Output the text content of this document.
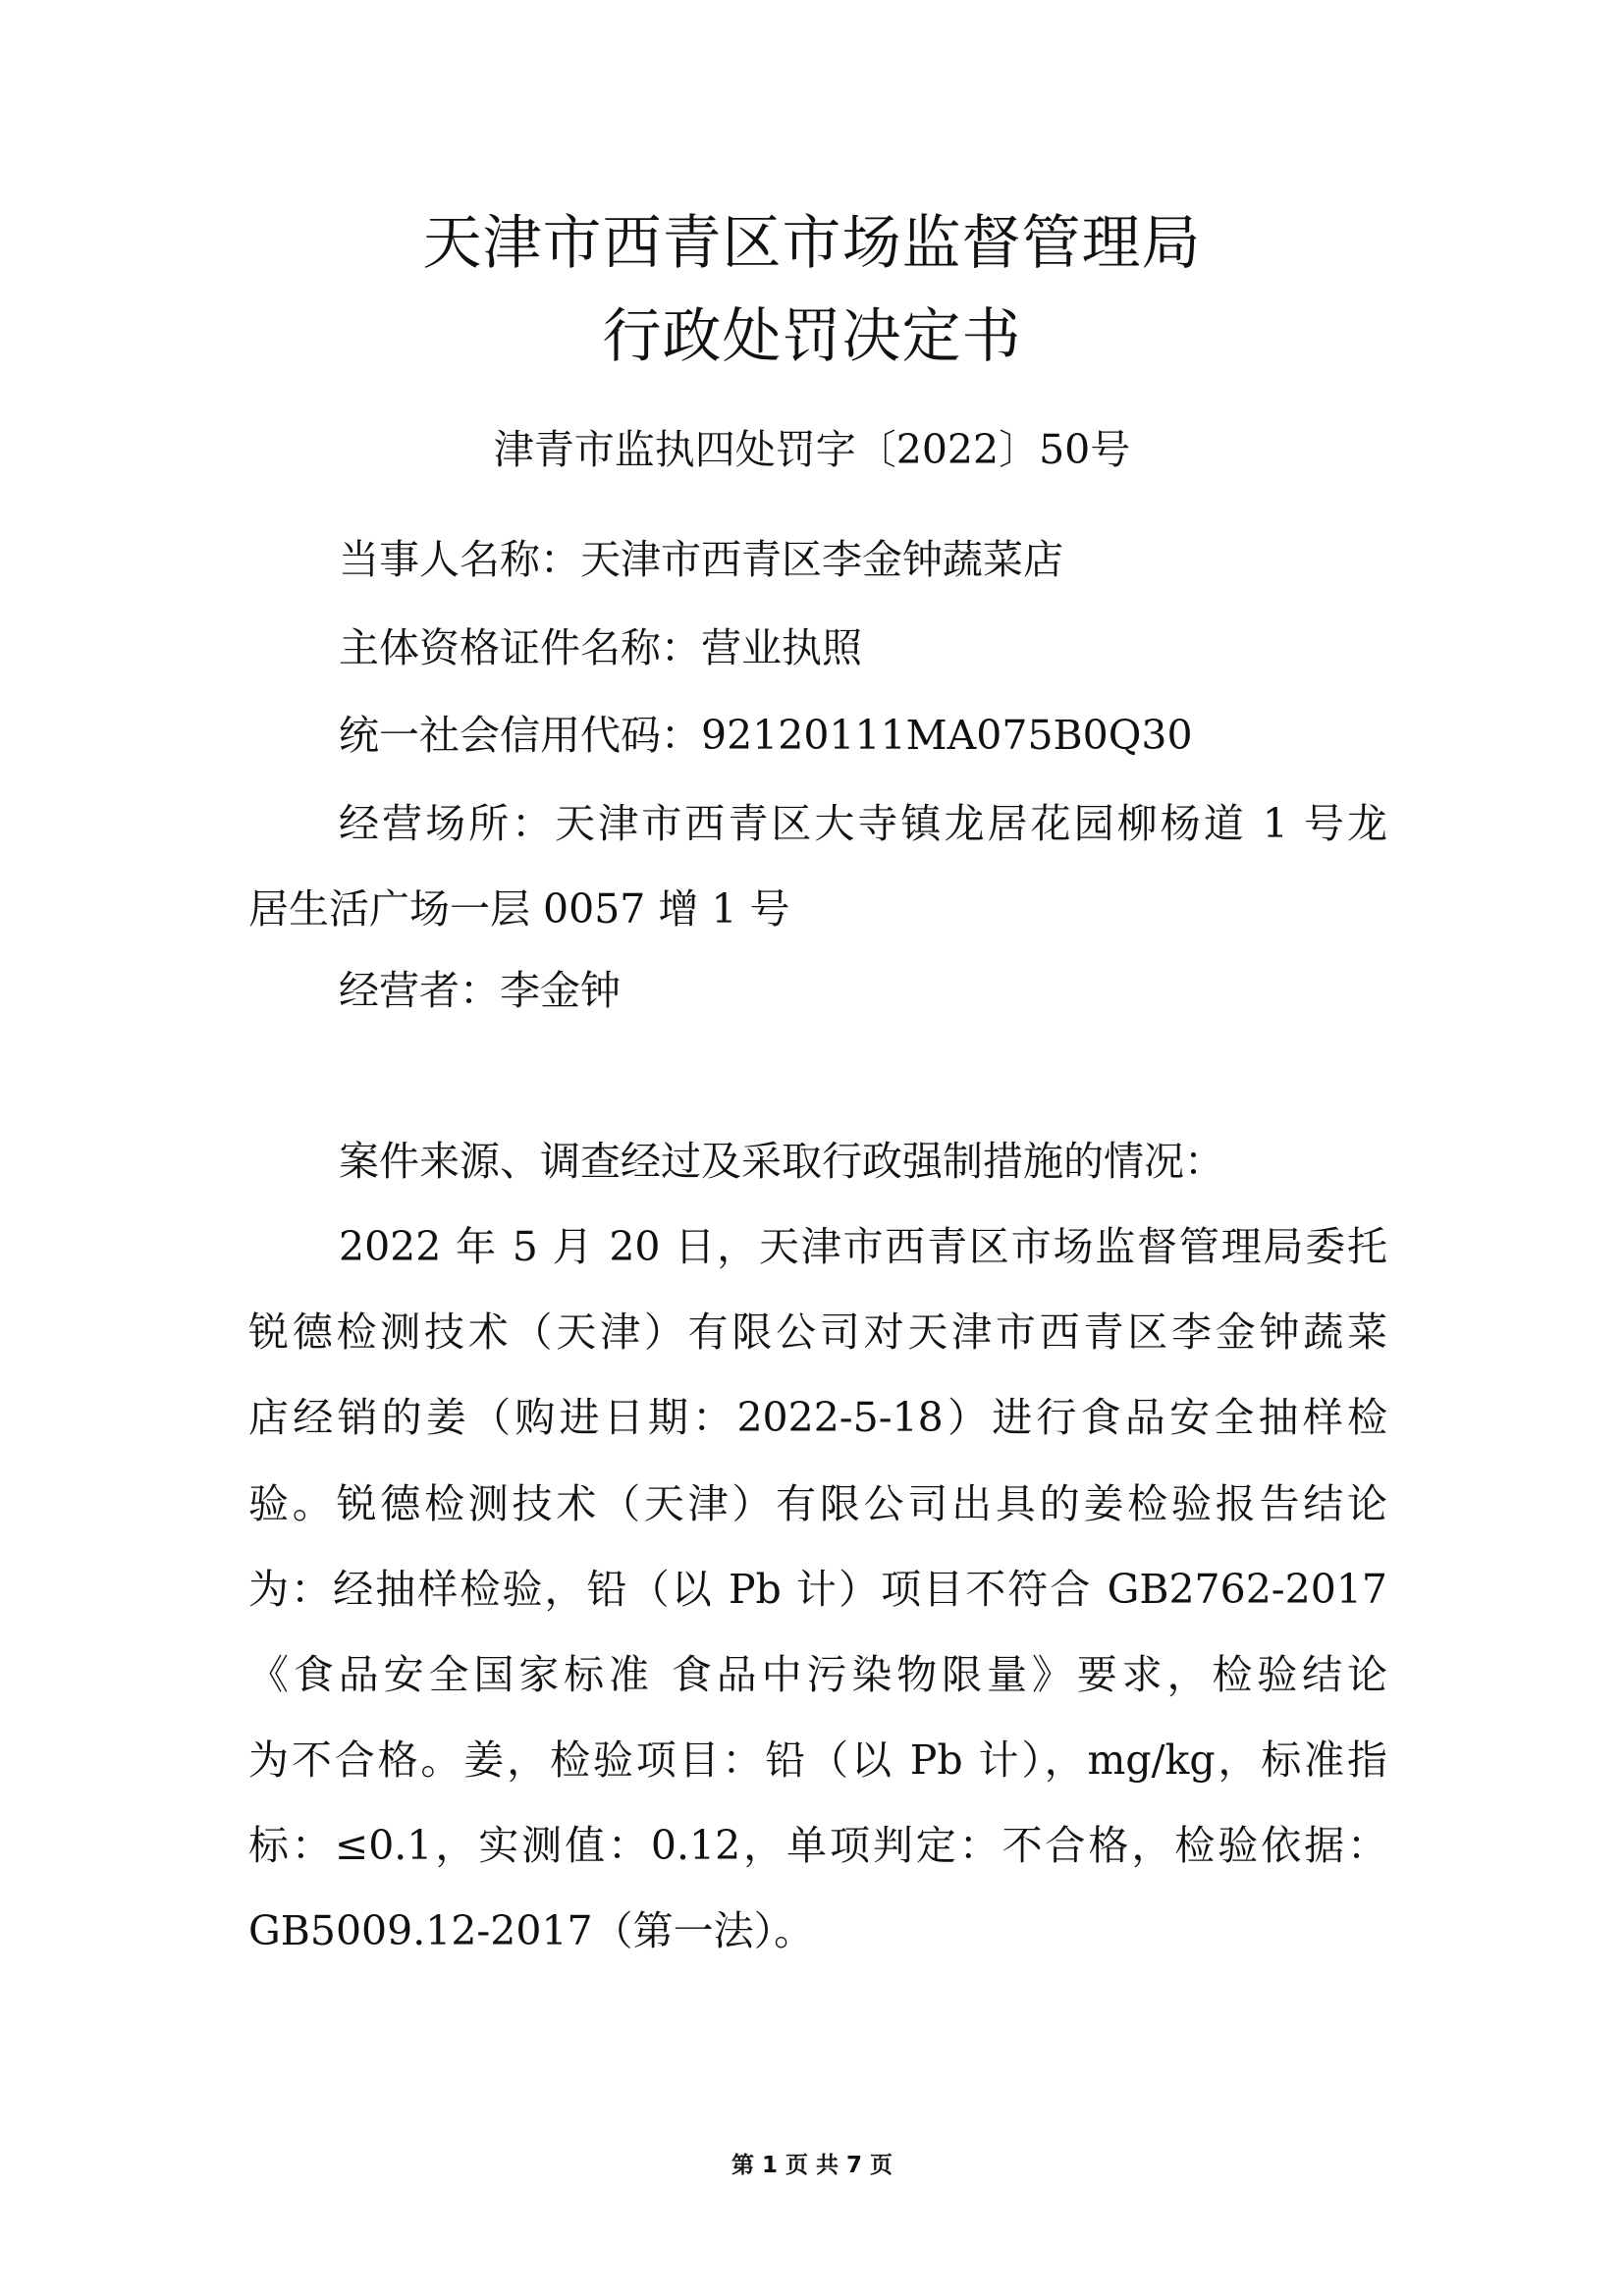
天津市西青区市场监督管理局
行政处罚决定书
津青市监执四处罚字〔2022〕50号
当事人名称：天津市西青区李金钟蔬菜店
主体资格证件名称：营业执照
统一社会信用代码：92120111MA075B0Q30
经营场所：天津市西青区大寺镇龙居花园柳杨道 1 号龙
居生活广场一层 0057 增 1 号
经营者：李金钟
案件来源、调查经过及采取行政强制措施的情况：
2022 年 5 月 20 日，天津市西青区市场监督管理局委托
锐德检测技术（天津）有限公司对天津市西青区李金钟蔬菜
店经销的姜（购进日期：2022-5-18）进行食品安全抽样检
验。锐德检测技术（天津）有限公司出具的姜检验报告结论
为：经抽样检验，铅（以 Pb 计）项目不符合 GB2762-2017
《食品安全国家标准 食品中污染物限量》要求，检验结论
为不合格。姜，检验项目：铅（以 Pb 计），mg/kg，标准指
标：≤0.1，实测值：0.12，单项判定：不合格，检验依据：
GB5009.12-2017（第一法）。
第 1 页 共 7 页
